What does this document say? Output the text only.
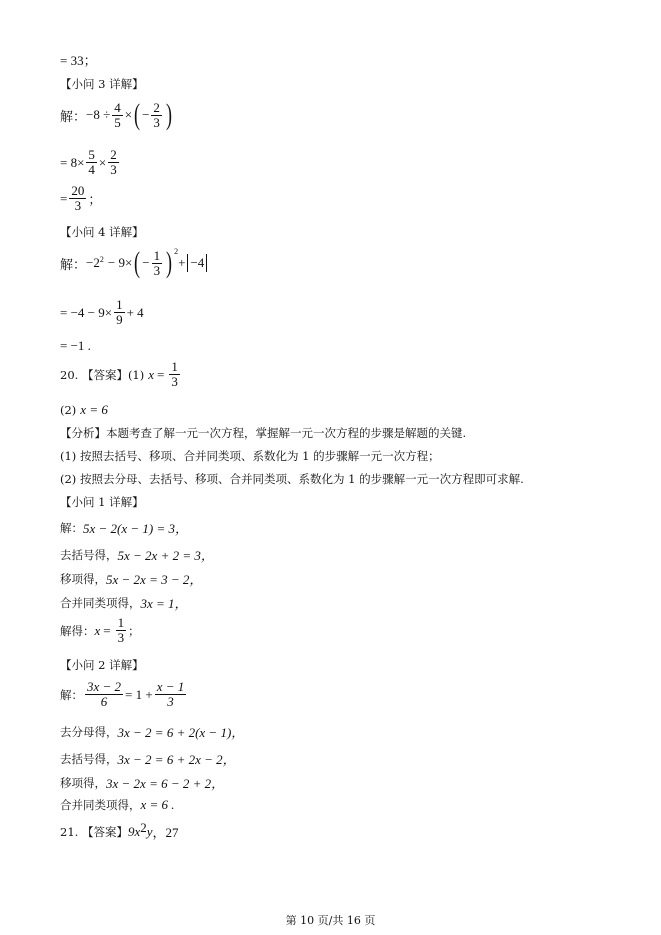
= 33；
【小问 3 详解】
解： $-8 \div \frac{4}{5}$ × ( − $\frac{2}{3}$ )
= $8\times \frac{5}{4} \times \frac{2}{3}$
= $\frac{20}{3}$ ；
【小问 4 详解】
解： $-2^2 - 9\times$ ( − $\frac{1}{3}$ ) $^2$
+ −4
= $-4 - 9\times \frac{1}{9} + 4$
= −1 .
20. 【答案】(1) $x = \frac{1}{3}$
(2) x = 6
【分析】本题考查了解一元一次方程，掌握解一元一次方程的步骤是解题的关键.
(1) 按照去括号、移项、合并同类项、系数化为 1 的步骤解一元一次方程；
(2) 按照去分母、去括号、移项、合并同类项、系数化为 1 的步骤解一元一次方程即可求解.
【小问 1 详解】
解： 5x − 2(x − 1) = 3，
去括号得， 5x − 2x + 2 = 3，
移项得， 5x − 2x = 3 − 2，
合并同类项得， 3x = 1，
解得： $x = \frac{1}{3}$ ；
【小问 2 详解】
解： $\frac{3x - 2}{6} = 1 + \frac{x - 1}{3}$
去分母得， 3x − 2 = 6 + 2(x − 1)，
去括号得， 3x − 2 = 6 + 2x − 2，
移项得， 3x − 2x = 6 − 2 + 2，
合并同类项得， x = 6 .
21. 【答案】 $9x^2$ y ，27
第 10 页/共 16 页
